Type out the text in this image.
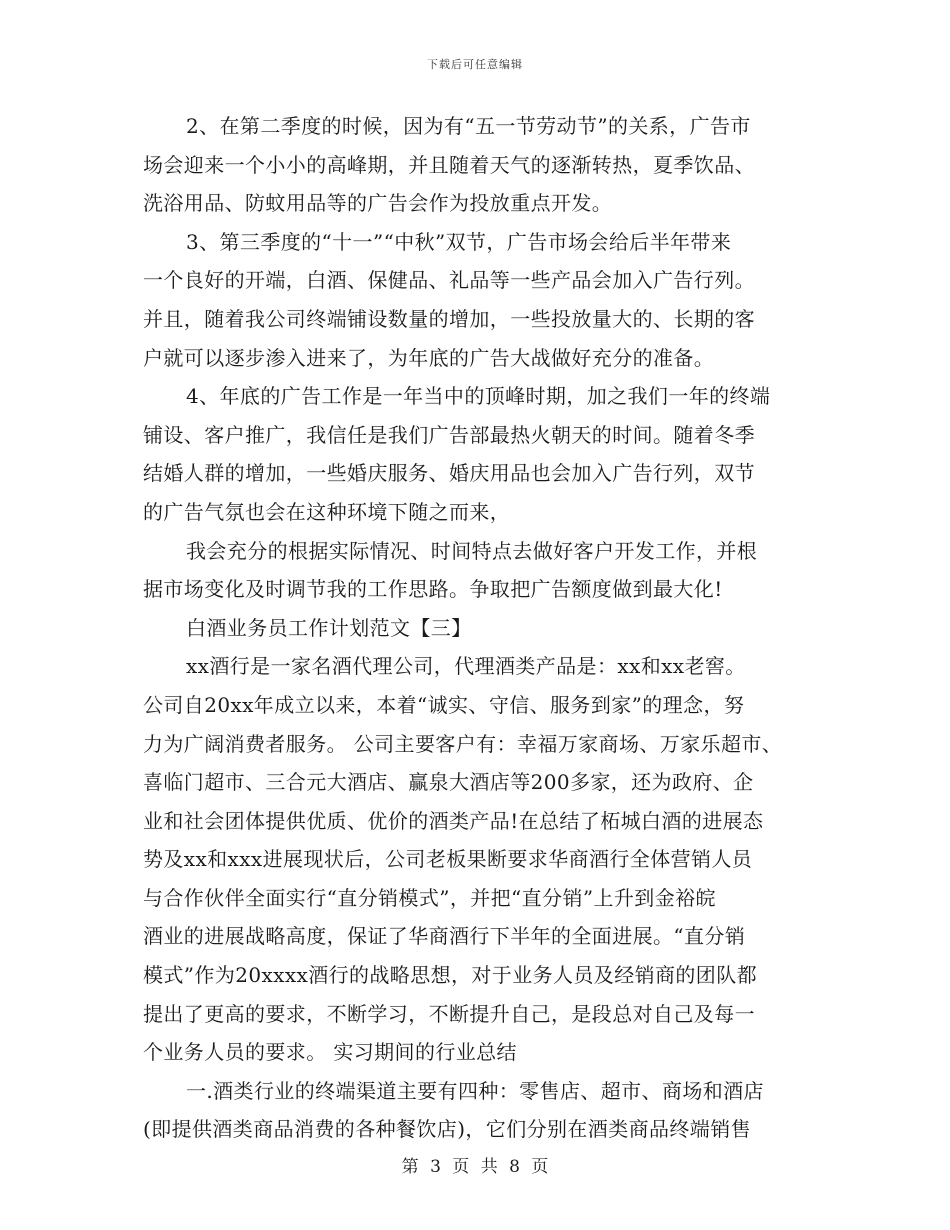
下载后可任意编辑
2、在第二季度的时候，因为有“五一节劳动节”的关系，广告市
场会迎来一个小小的高峰期，并且随着天气的逐渐转热，夏季饮品、
洗浴用品、防蚊用品等的广告会作为投放重点开发。
3、第三季度的“十一”“中秋”双节，广告市场会给后半年带来
一个良好的开端，白酒、保健品、礼品等一些产品会加入广告行列。
并且，随着我公司终端铺设数量的增加，一些投放量大的、长期的客
户就可以逐步渗入进来了，为年底的广告大战做好充分的准备。
4、年底的广告工作是一年当中的顶峰时期，加之我们一年的终端
铺设、客户推广，我信任是我们广告部最热火朝天的时间。随着冬季
结婚人群的增加，一些婚庆服务、婚庆用品也会加入广告行列，双节
的广告气氛也会在这种环境下随之而来，
我会充分的根据实际情况、时间特点去做好客户开发工作，并根
据市场变化及时调节我的工作思路。争取把广告额度做到最大化!
白酒业务员工作计划范文【三】
xx酒行是一家名酒代理公司，代理酒类产品是：xx和xx老窖。
公司自20xx年成立以来，本着“诚实、守信、服务到家”的理念，努
力为广阔消费者服务。 公司主要客户有：幸福万家商场、万家乐超市、
喜临门超市、三合元大酒店、赢泉大酒店等200多家，还为政府、企
业和社会团体提供优质、优价的酒类产品!在总结了柘城白酒的进展态
势及xx和xxx进展现状后，公司老板果断要求华商酒行全体营销人员
与合作伙伴全面实行“直分销模式”，并把“直分销”上升到金裕皖
酒业的进展战略高度，保证了华商酒行下半年的全面进展。“直分销
模式”作为20xxxx酒行的战略思想，对于业务人员及经销商的团队都
提出了更高的要求，不断学习，不断提升自己，是段总对自己及每一
个业务人员的要求。 实习期间的行业总结
一.酒类行业的终端渠道主要有四种：零售店、超市、商场和酒店
(即提供酒类商品消费的各种餐饮店)，它们分别在酒类商品终端销售
第 3 页 共 8 页
